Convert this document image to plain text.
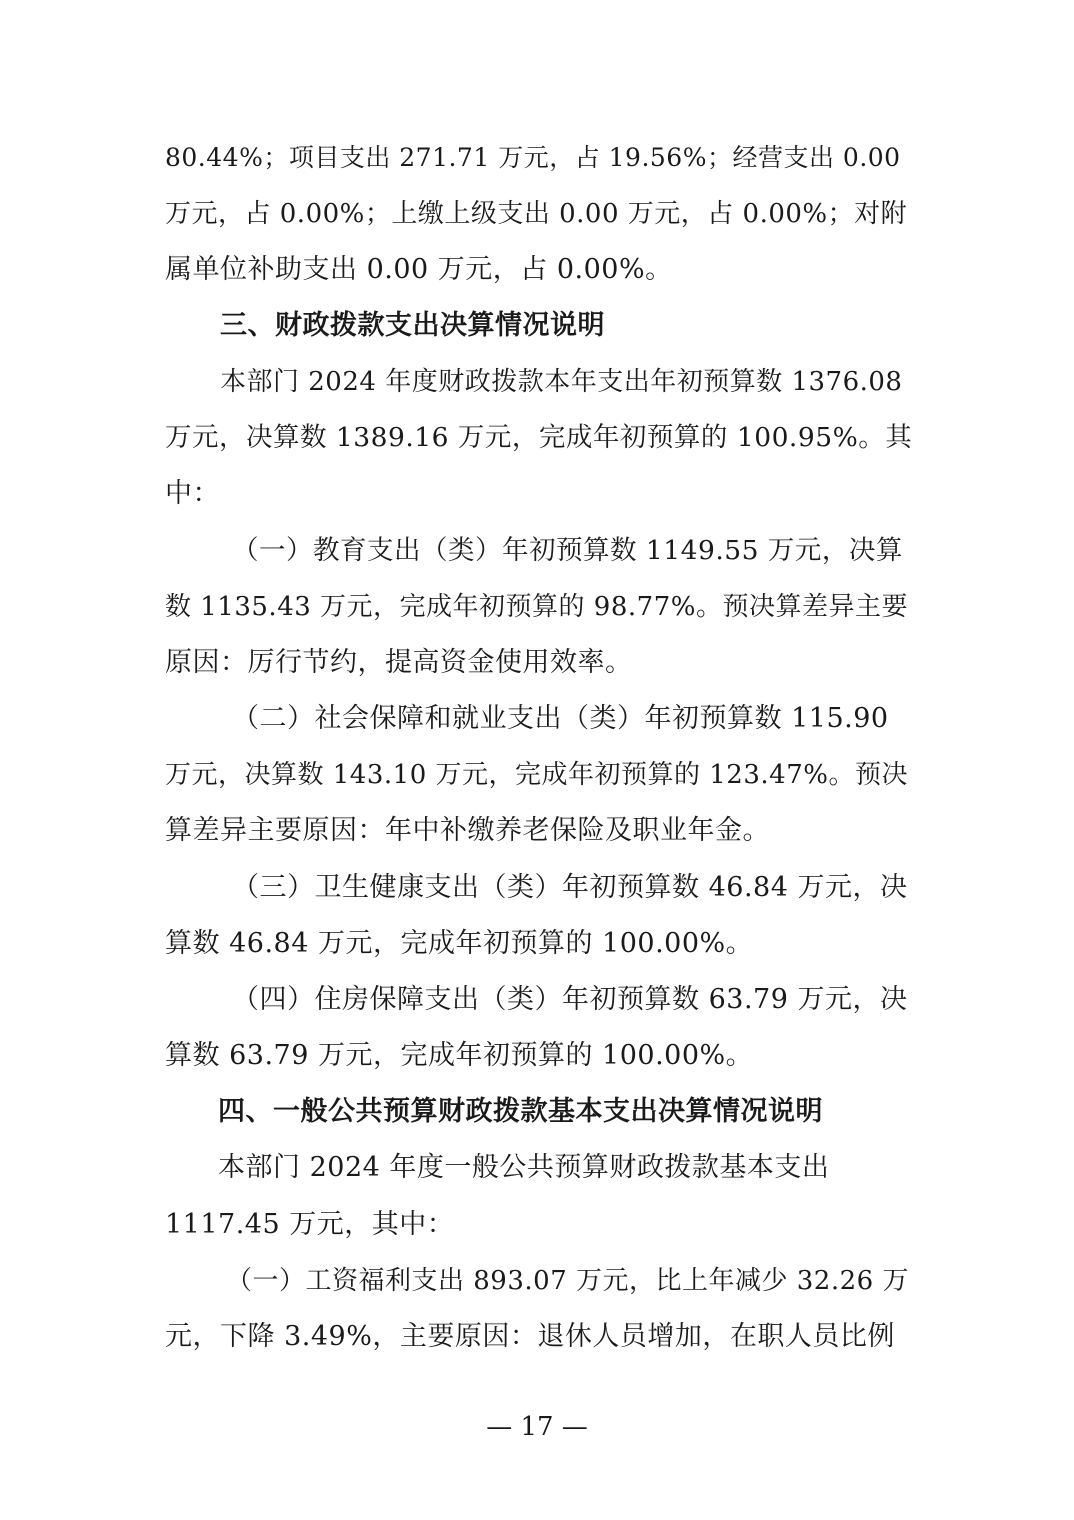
80.44%；项目支出 271.71 万元，占 19.56%；经营支出 0.00
万元，占 0.00%；上缴上级支出 0.00 万元，占 0.00%；对附
属单位补助支出 0.00 万元，占 0.00%。
三、财政拨款支出决算情况说明
本部门 2024 年度财政拨款本年支出年初预算数 1376.08
万元，决算数 1389.16 万元，完成年初预算的 100.95%。其
中：
（一）教育支出（类）年初预算数 1149.55 万元，决算
数 1135.43 万元，完成年初预算的 98.77%。预决算差异主要
原因：厉行节约，提高资金使用效率。
（二）社会保障和就业支出（类）年初预算数 115.90
万元，决算数 143.10 万元，完成年初预算的 123.47%。预决
算差异主要原因：年中补缴养老保险及职业年金。
（三）卫生健康支出（类）年初预算数 46.84 万元，决
算数 46.84 万元，完成年初预算的 100.00%。
（四）住房保障支出（类）年初预算数 63.79 万元，决
算数 63.79 万元，完成年初预算的 100.00%。
四、一般公共预算财政拨款基本支出决算情况说明
本部门 2024 年度一般公共预算财政拨款基本支出
1117.45 万元，其中：
（一）工资福利支出 893.07 万元，比上年减少 32.26 万
元，下降 3.49%，主要原因：退休人员增加，在职人员比例
— 17 —
